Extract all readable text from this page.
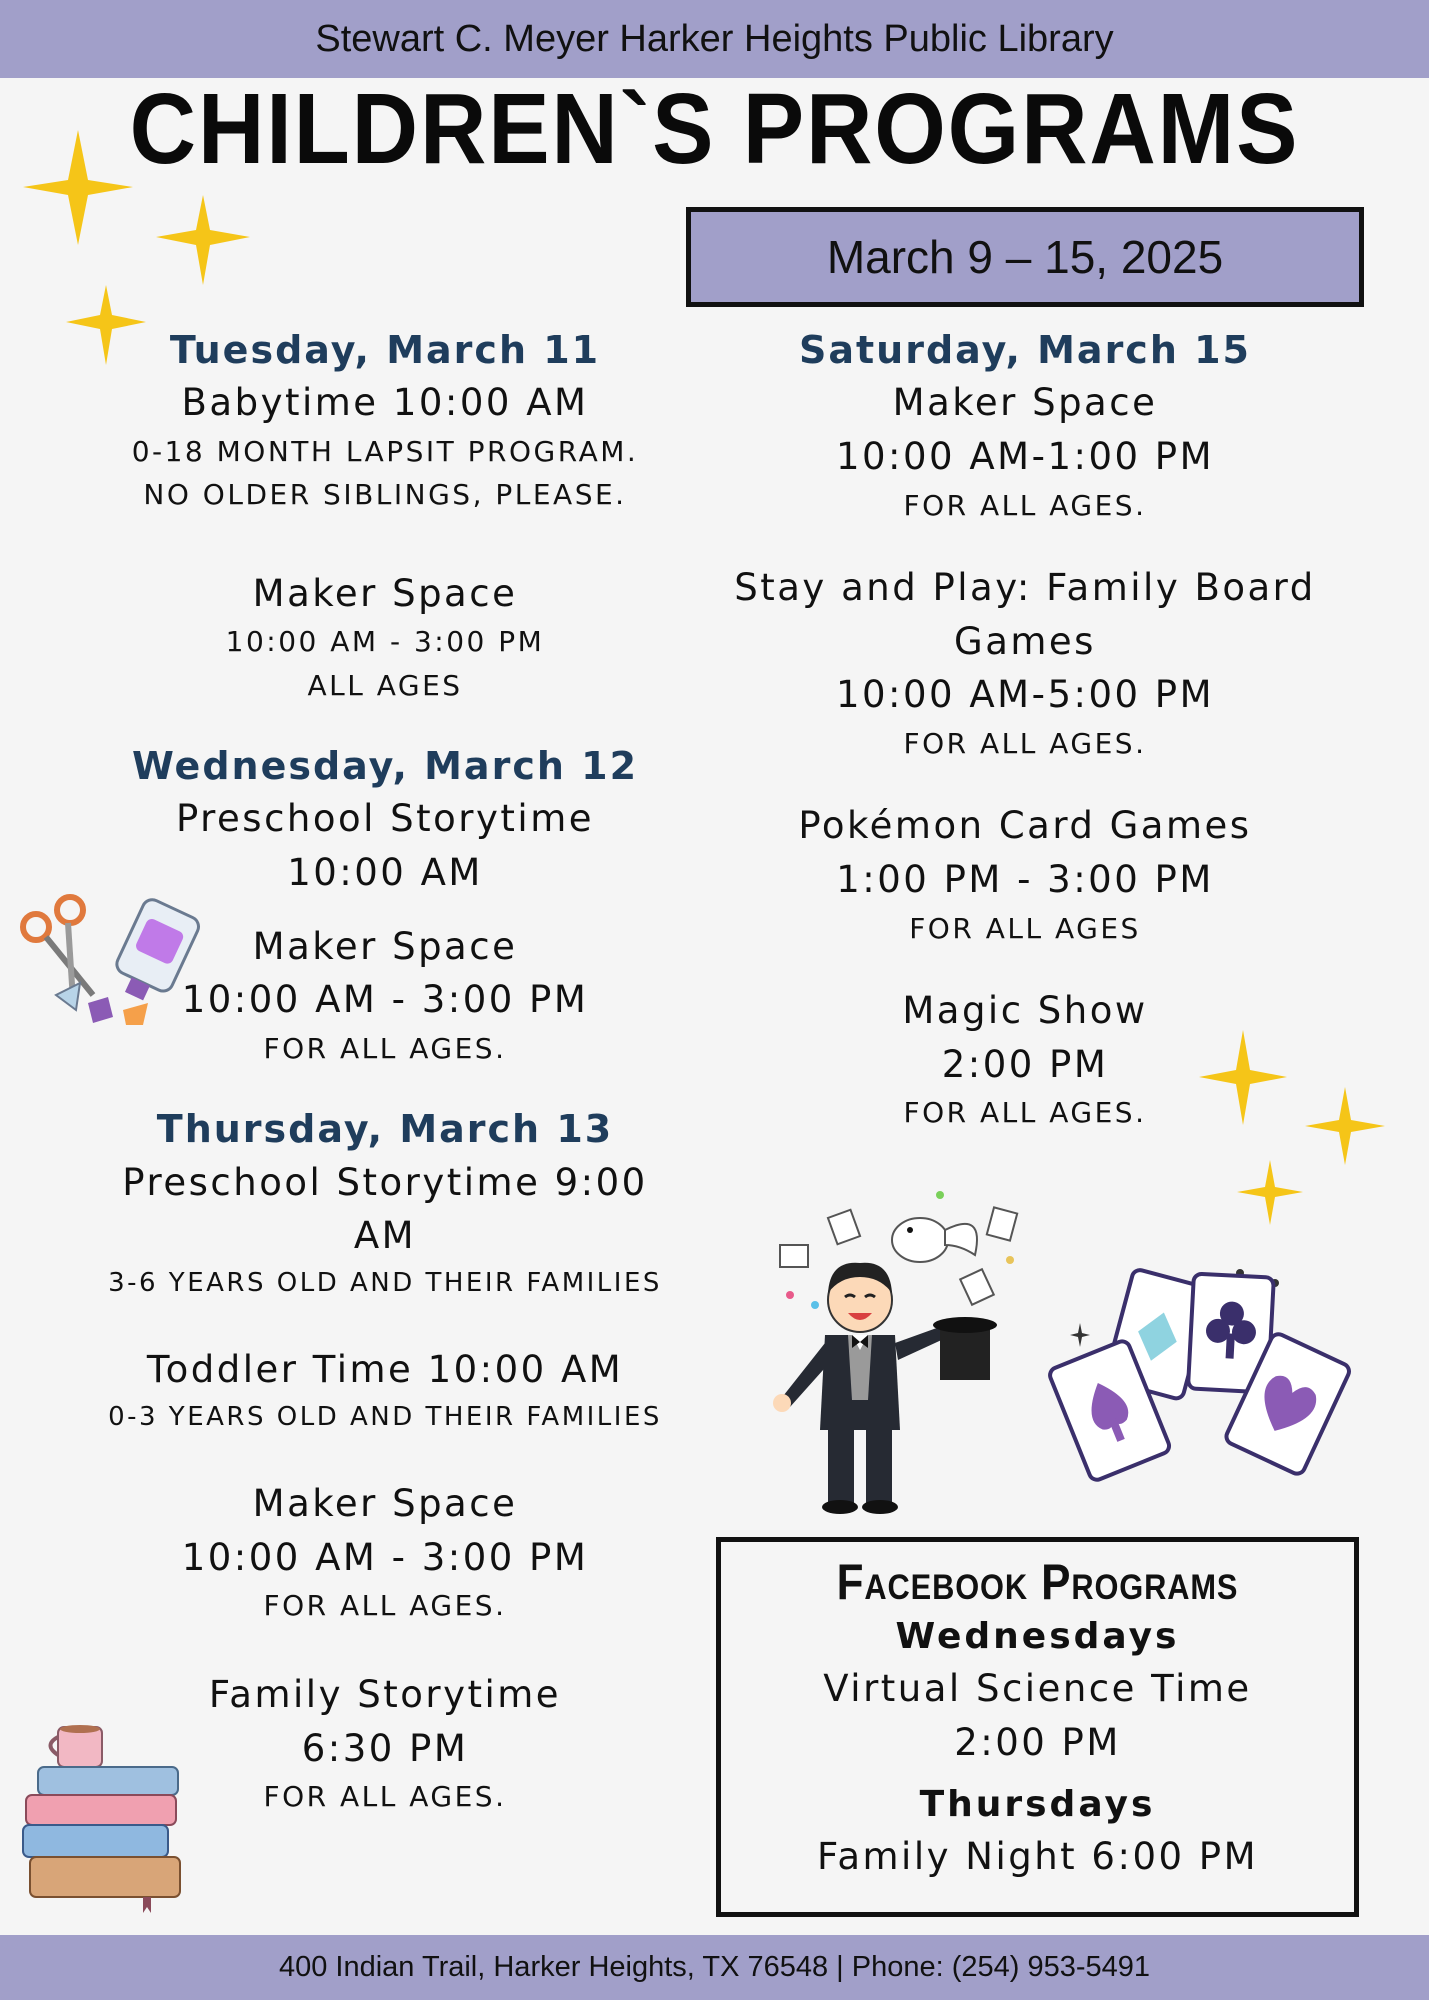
Stewart C. Meyer Harker Heights Public Library
CHILDREN`S PROGRAMS
March 9 – 15, 2025
Tuesday, March 11
Babytime 10:00 AM
0-18 MONTH LAPSIT PROGRAM.
NO OLDER SIBLINGS, PLEASE.
Maker Space
10:00 AM - 3:00 PM
ALL AGES
Wednesday, March 12
Preschool Storytime
10:00 AM
Maker Space
10:00 AM - 3:00 PM
FOR ALL AGES.
Thursday, March 13
Preschool Storytime 9:00
AM
3-6 YEARS OLD AND THEIR FAMILIES
Toddler Time 10:00 AM
0-3 YEARS OLD AND THEIR FAMILIES
Maker Space
10:00 AM - 3:00 PM
FOR ALL AGES.
Family Storytime
6:30 PM
FOR ALL AGES.
Saturday, March 15
Maker Space
10:00 AM-1:00 PM
FOR ALL AGES.
Stay and Play: Family Board
Games
10:00 AM-5:00 PM
FOR ALL AGES.
Pokémon Card Games
1:00 PM - 3:00 PM
FOR ALL AGES
Magic Show
2:00 PM
FOR ALL AGES.
Facebook Programs
Wednesdays
Virtual Science Time
2:00 PM
Thursdays
Family Night 6:00 PM
400 Indian Trail, Harker Heights, TX 76548 | Phone: (254) 953-5491
